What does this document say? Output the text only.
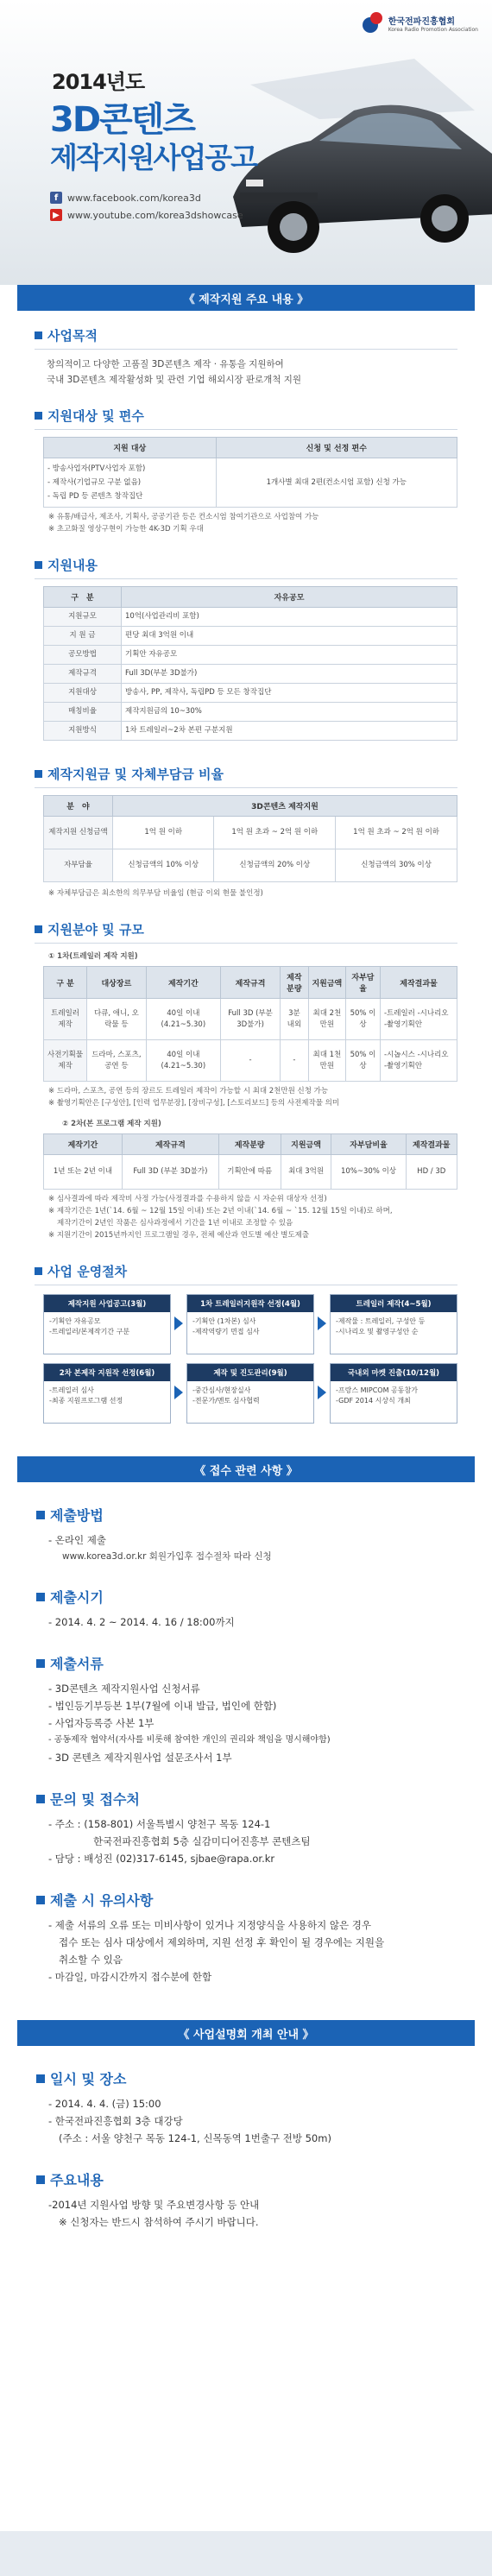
한국전파진흥협회
Korea Radio Promotion Association
2014년도
3D콘텐츠
제작지원사업공고
f www.facebook.com/korea3d
▶ www.youtube.com/korea3dshowcase
《 제작지원 주요 내용 》
사업목적
창의적이고 다양한 고품질 3D콘텐츠 제작 · 유통을 지원하여
국내 3D콘텐츠 제작활성화 및 관련 기업 해외시장 판로개척 지원
지원대상 및 편수
지원 대상	신청 및 선정 편수

- 방송사업자(PTV사업자 포함)
- 제작사(기업규모 구분 없음)
- 독립 PD 등 콘텐츠 창작집단	1개사별 최대 2편(컨소시엄 포함) 신청 가능
※ 유통/배급사, 제조사, 기획사, 공공기관 등은 컨소시엄 참여기관으로 사업참여 가능
※ 초고화질 영상구현이 가능한 4K-3D 기획 우대
지원내용
구　분	자유공모
지원규모	10억(사업관리비 포함)
지 원 금	편당 최대 3억원 이내
공모방법	기획안 자유공모
제작규격	Full 3D(부분 3D불가)
지원대상	방송사, PP, 제작사, 독립PD 등 모든 창작집단
매칭비율	제작지원금의 10~30%
지원방식	1차 트레일러~2차 본편 구분지원
제작지원금 및 자체부담금 비율
분　야	3D콘텐츠 제작지원		
제작지원 신청금액	1억 원 이하	1억 원 초과 ~ 2억 원 이하	1억 원 초과 ~ 2억 원 이하
자부담율	신청금액의 10% 이상	신청금액의 20% 이상	신청금액의 30% 이상
※ 자체부담금은 최소한의 의무부담 비율임 (현금 이외 현물 불인정)
지원분야 및 규모
① 1차(트레일러 제작 지원)
구 분	대상장르	제작기간	제작규격	제작분량	지원금액	자부담율	제작결과물
트레일러 제작	다큐, 애니, 오락물 등	40일 이내 (4.21~5.30)	Full 3D (부분 3D불가)	3분 내외	최대 2천만원	50% 이상	-트레일러 -시나리오 -촬영기획안
사전기획물 제작	드라마, 스포츠, 공연 등	40일 이내 (4.21~5.30)	-	-	최대 1천만원	50% 이상	-시놉시스 -시나리오 -촬영기획안
※ 드라마, 스포츠, 공연 등의 장르도 트레일러 제작이 가능할 시 최대 2천만원 신청 가능
※ 촬영기획안은 [구성안], [인력 업무분장], [장비구성], [스토리보드] 등의 사전제작물 의미
② 2차(본 프로그램 제작 지원)
제작기간	제작규격	제작분량	지원금액	자부담비율	제작결과물
1년 또는 2년 이내	Full 3D (부분 3D불가)	기획안에 따름	최대 3억원	10%~30% 이상	HD / 3D
※ 심사결과에 따라 제작비 사정 가능(사정결과를 수용하지 않을 시 자순위 대상자 선정)
※ 제작기간은 1년(`14. 6월 ~ 12월 15일 이내) 또는 2년 이내(`14. 6월 ~ `15. 12월 15일 이내)로 하며,
제작기간이 2년인 작품은 심사과정에서 기간을 1년 이내로 조정할 수 있음
※ 지원기간이 2015년까지인 프로그램일 경우, 전체 예산과 연도별 예산 별도제출
사업 운영절차
제작지원 사업공고(3월)
-기획안 자유공모
-트레일러/본제작기간 구분
1차 트레일러지원작 선정(4월)
-기획안 (1차본) 심사
-제작역량기 면접 심사
트레일러 제작(4~5월)
-제작물 : 트레일러, 구성안 등
-시나리오 및 촬영구성안 순
2차 본제작 지원작 선정(6월)
-트레일러 심사
-최종 지원프로그램 선정
제작 및 진도관리(9월)
-중간심사/현장실사
-전문가/멘토 심사협력
국내외 마켓 진출(10/12월)
-프랑스 MIPCOM 공동참가
-GDF 2014 시상식 개최
《 접수 관련 사항 》
제출방법
- 온라인 제출
www.korea3d.or.kr 회원가입후 접수절차 따라 신청
제출시기
- 2014. 4. 2 ~ 2014. 4. 16 / 18:00까지
제출서류
- 3D콘텐츠 제작지원사업 신청서류
- 법인등기부등본 1부(7월에 이내 발급, 법인에 한함)
- 사업자등록증 사본 1부
- 공동제작 협약서(자사를 비롯해 참여한 개인의 권리와 책임을 명시해야함)
- 3D 콘텐츠 제작지원사업 설문조사서 1부
문의 및 접수처
- 주소 : (158-801) 서울특별시 양천구 목동 124-1
한국전파진흥협회 5층 실감미디어진흥부 콘텐츠팀
- 담당 : 배성진 (02)317-6145, sjbae@rapa.or.kr
제출 시 유의사항
- 제출 서류의 오류 또는 미비사항이 있거나 지정양식을 사용하지 않은 경우
접수 또는 심사 대상에서 제외하며, 지원 선정 후 확인이 될 경우에는 지원을
취소할 수 있음
- 마감일, 마감시간까지 접수분에 한함
《 사업설명회 개최 안내 》
일시 및 장소
- 2014. 4. 4. (금) 15:00
- 한국전파진흥협회 3층 대강당
(주소 : 서울 양천구 목동 124-1, 신목동역 1번출구 전방 50m)
주요내용
-2014년 지원사업 방향 및 주요변경사항 등 안내
※ 신청자는 반드시 참석하여 주시기 바랍니다.
